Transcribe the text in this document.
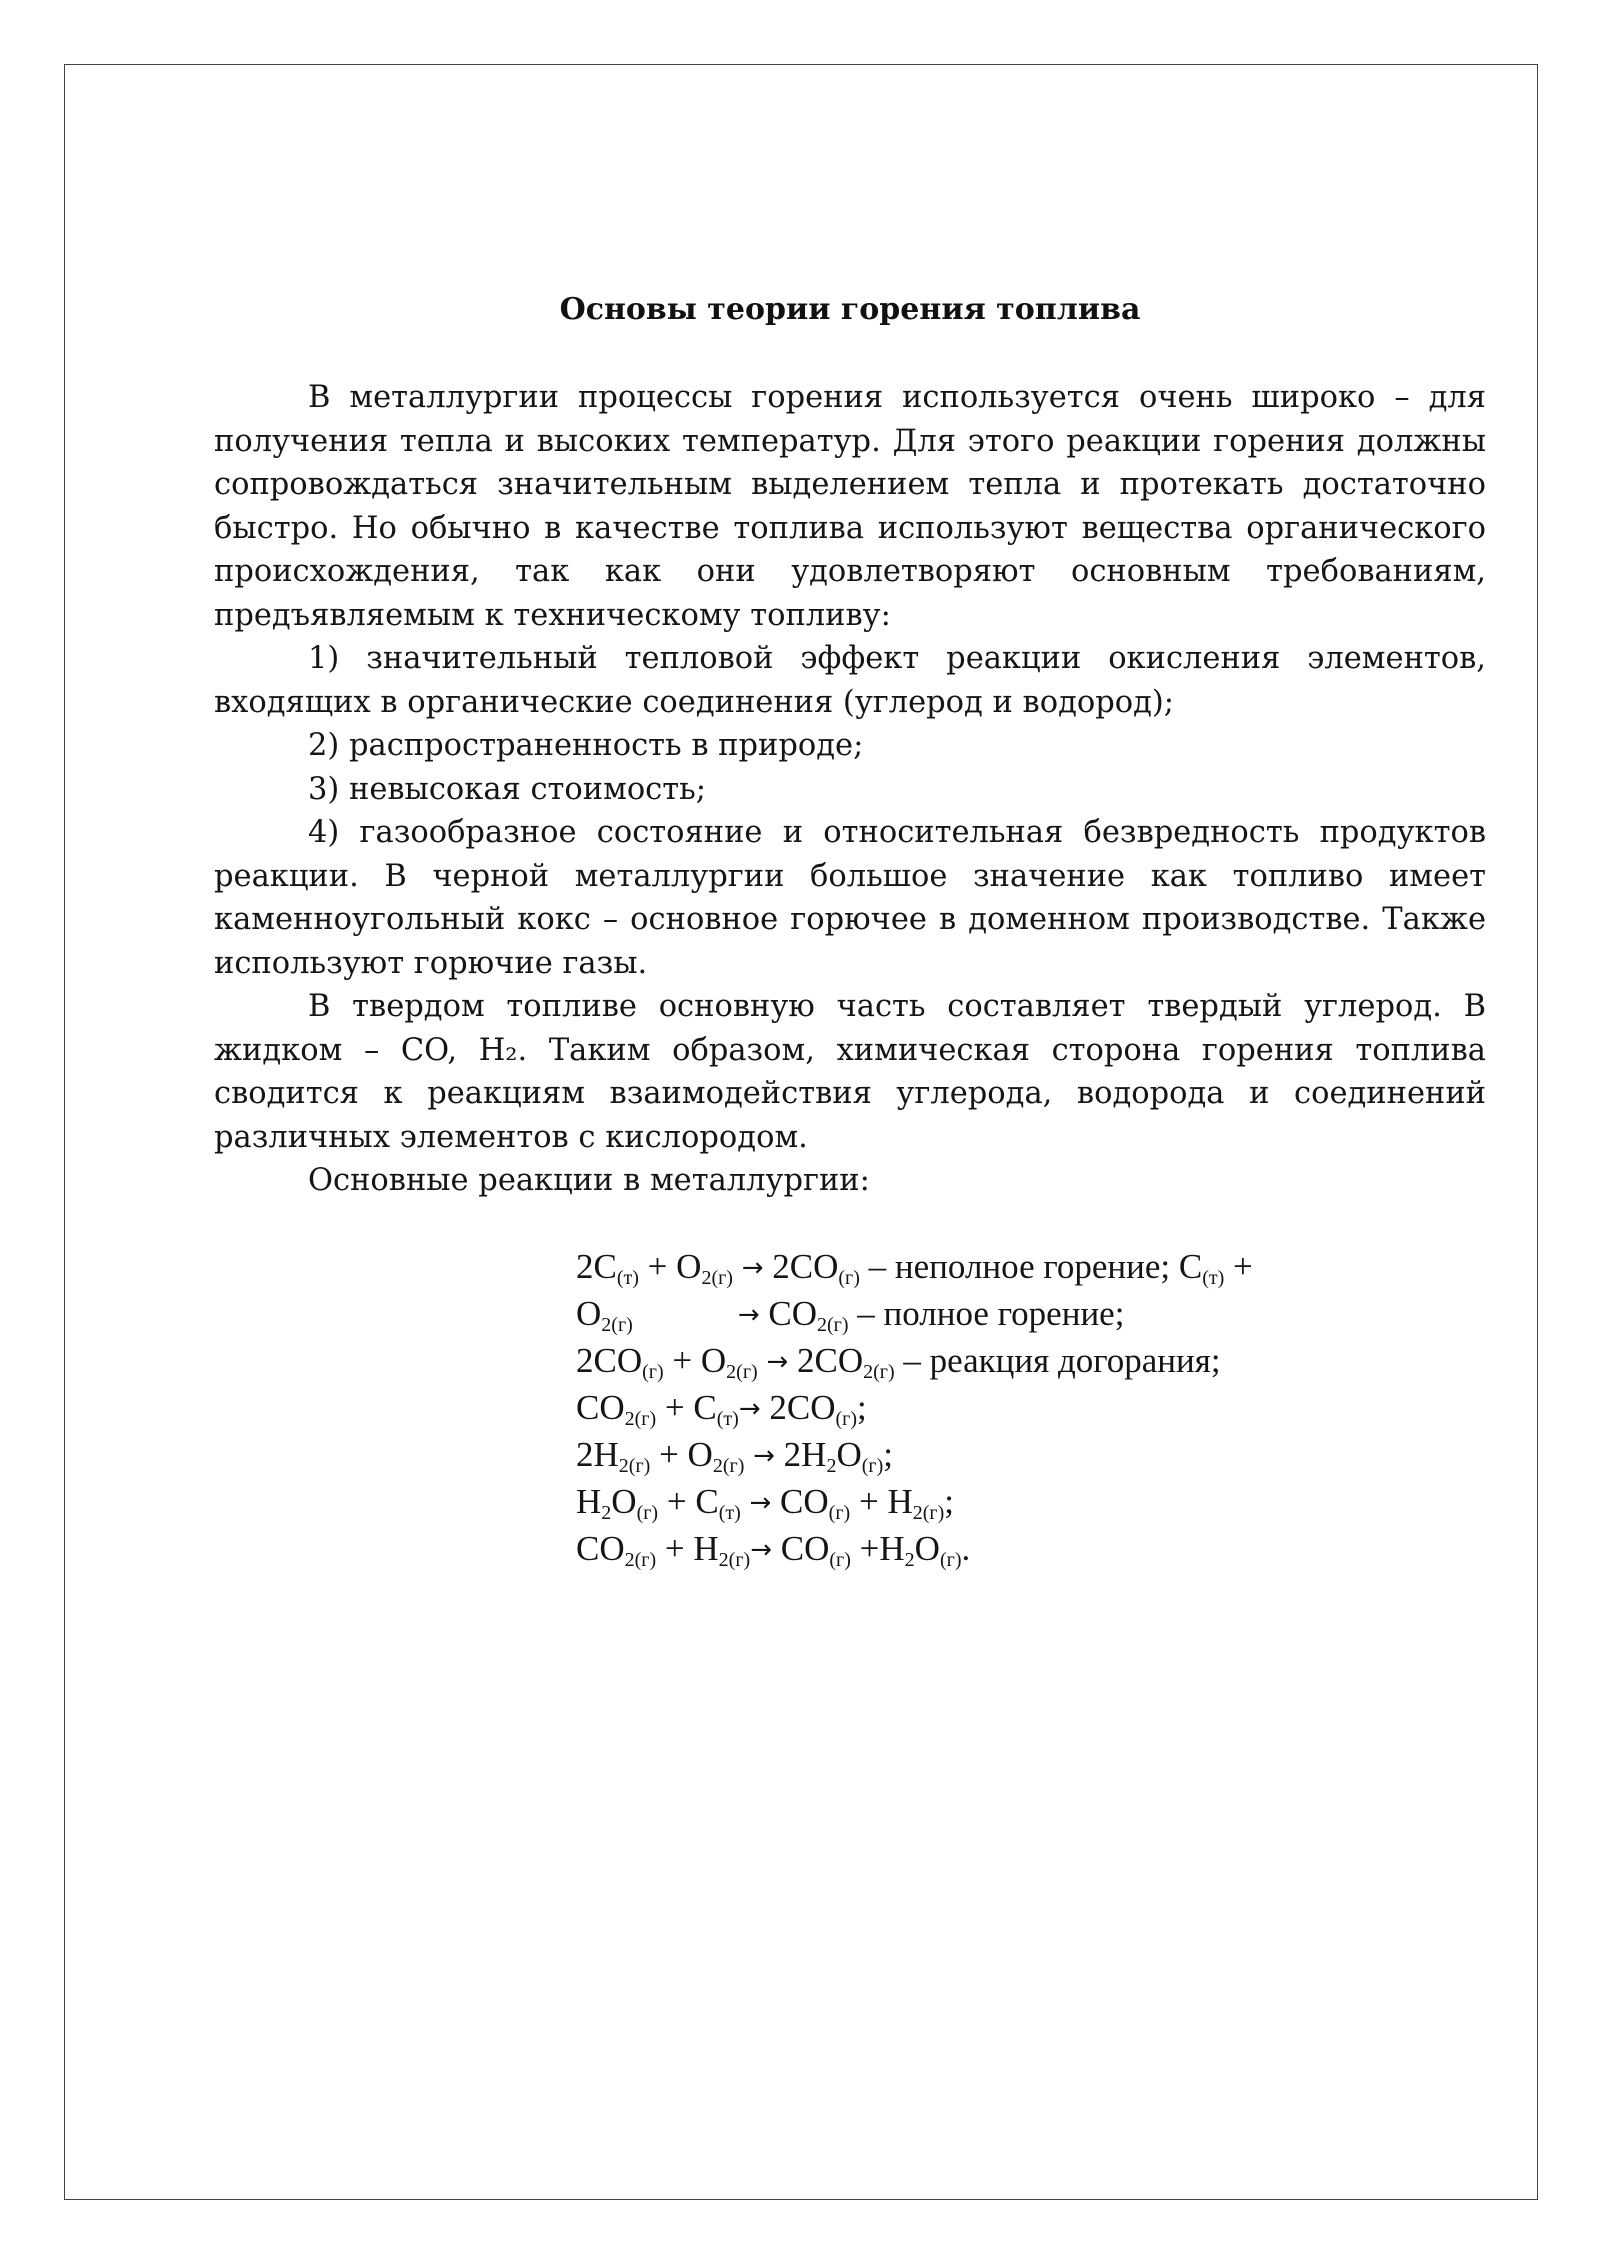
Основы теории горения топлива

В металлургии процессы горения используется очень широко – для получения тепла и высоких температур. Для этого реакции горения должны сопровождаться значительным выделением тепла и протекать достаточно быстро. Но обычно в качестве топлива используют вещества органического происхождения, так как они удовлетворяют основным требованиям, предъявляемым к техническому топливу:

1) значительный тепловой эффект реакции окисления элементов, входящих в органические соединения (углерод и водород);

2) распространенность в природе;

3) невысокая стоимость;

4) газообразное состояние и относительная безвредность продуктов реакции. В черной металлургии большое значение как топливо имеет каменноугольный кокс – основное горючее в доменном производстве. Также используют горючие газы.

В твердом топливе основную часть составляет твердый углерод. В жидком – CO, H₂. Таким образом, химическая сторона горения топлива сводится к реакциям взаимодействия углерода, водорода и соединений различных элементов с кислородом.

Основные реакции в металлургии:

$2C_{(т)} + O_{2(г)} \to 2CO_{(г)}$ – неполное горение; $C_{(т)}$ +
$O_{2(г)}$	→ $CO_{2(г)}$ – полное горение;
$2CO_{(г)} + O_{2(г)} \to 2CO_{2(г)}$ – реакция догорания;
$CO_{2(г)} + C_{(т)}\to 2CO_{(г)}$;
$2H_{2(г)} + O_{2(г)} \to 2H_2O_{(г)}$;
$H_2O_{(г)} + C_{(т)} \to CO_{(г)} + H_{2(г)}$;
$CO_{2(г)} + H_{2(г)}\to CO_{(г)} +H_2O_{(г)}$.
